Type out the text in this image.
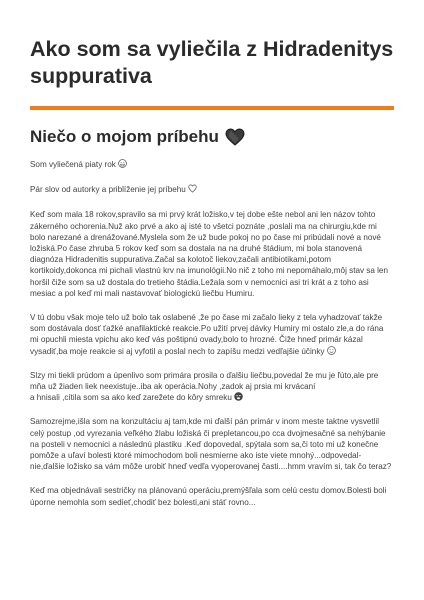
Ako som sa vyliečila z Hidradenitys suppurativa
Niečo o mojom príbehu

Som vyliečená piaty rok

Pár slov od autorky a priblíženie jej príbehu

Keď som mala 18 rokov,spravilo sa mi prvý krát ložisko,v tej dobe ešte nebol ani len názov tohto zákerného ochorenia.Nuž ako prvé a ako aj isté to všetci poznáte ,poslali ma na chirurgiu,kde mi bolo narezané a drenážované.Myslela som že už bude pokoj no po čase mi pribúdali nové a nové ložiská.Po čase zhruba 5 rokov keď som sa dostala na na druhé štádium, mi bola stanovená diagnóza Hidradenitis suppurativa.Začal sa kolotoč liekov,začali antibiotikami,potom kortikoidy,dokonca mi pichali vlastnú krv na imunológii.No nič z toho mi nepomáhalo,môj stav sa len horšil čiže som sa už dostala do tretieho štádia.Ležala som v nemocnici asi tri krát a z toho asi mesiac a pol keď mi mali nastavovať biologickú liečbu Humiru.

V tú dobu však moje telo už bolo tak oslabené ,že po čase mi začalo lieky z tela vyhadzovať takže som dostávala dosť ťažké anafilaktické reakcie.Po užití prvej dávky Humiry mi ostalo zle,a do rána mi opuchli miesta vpichu ako keď vás poštipnú ovady,bolo to hrozné. Čiže hneď primár kázal vysadiť,ba moje reakcie si aj vyfotil a poslal nech to zapíšu medzi vedľajšie účinky

Slzy mi tiekli prúdom a úpenlivo som primára prosila o ďalšiu liečbu,povedal že mu je ľúto,ale pre mňa už žiaden liek neexistuje..iba ak operácia.Nohy ,zadok aj prsia mi krvácaní
a hnisali ,cítila som sa ako keď zarežete do kôry smreku

Samozrejme,išla som na konzultáciu aj tam,kde mi ďalší pán primár v inom meste taktne vysvetlil celý postup ,od vyrezania veľkého žlabu ložiská či prepletancou,po cca dvojmesačné sa nehýbanie na posteli v nemocnici a následnú plastiku .Keď dopovedal, spýtala som sa,či toto mi už konečne pomôže a uľaví bolesti ktoré mimochodom boli nesmierne ako iste viete mnohý...odpovedal-nie,ďalšie ložisko sa vám môže urobiť hneď vedľa vyoperovanej časti....hmm vravím si, tak čo teraz?

Keď ma objednávali sestričky na plánovanú operáciu,premýšľala som celú cestu domov.Bolesti boli úporne nemohla som sedieť,chodiť bez bolesti,ani stáť rovno...
